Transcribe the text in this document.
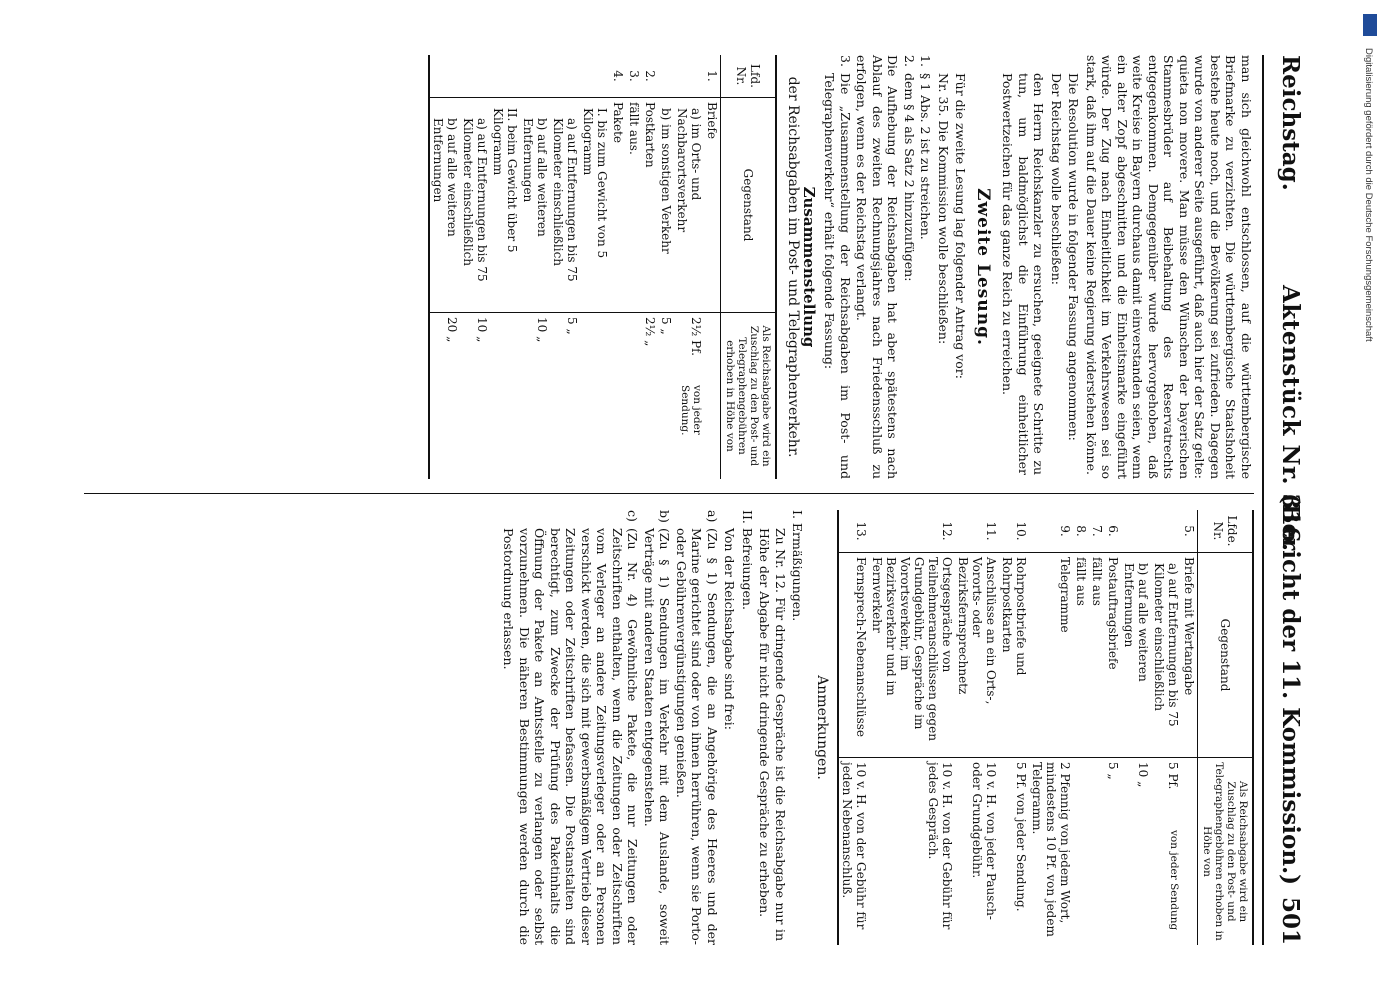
Reichstag.
Aktenstück Nr. 316.
(Bericht der 11. Kommission.)
501

man sich gleichwohl entschlossen, auf die württembergische Briefmarke zu verzichten. Die württembergische Staatshoheit bestehe heute noch, und die Bevölkerung sei zufrieden. Dagegen wurde von anderer Seite ausgeführt, daß auch hier der Satz gelte: quieta non movere. Man müsse den Wünschen der bayerischen Stammesbrüder auf Beibehaltung des Reservatrechts entgegenkommen. Demgegenüber wurde hervorgehoben, daß weite Kreise in Bayern durchaus damit einverstanden seien, wenn ein alter Zopf abgeschnitten und die Einheitsmarke eingeführt würde. Der Zug nach Einheitlichkeit im Verkehrswesen sei so stark, daß ihm auf die Dauer keine Regierung widerstehen könne.

Die Resolution wurde in folgender Fassung angenommen:

Der Reichstag wolle beschließen:

den Herrn Reichskanzler zu ersuchen, geeignete Schritte zu tun, um baldmöglichst die Einführung einheitlicher Postwertzeichen für das ganze Reich zu erreichen.

Zweite Lesung.

Für die zweite Lesung lag folgender Antrag vor:

Nr. 35. Die Kommission wolle beschließen:

1.
§ 1 Abs. 2 ist zu streichen.
2.
dem § 4 als Satz 2 hinzuzufügen:
Die Aufhebung der Reichsabgaben hat aber spätestens nach Ablauf des zweiten Rechnungsjahres nach Friedensschluß zu erfolgen, wenn es der Reichstag verlangt.
3.
Die „Zusammenstellung der Reichsabgaben im Post- und Telegraphenverkehr“ erhält folgende Fassung:
Zusammenstellung
der Reichsabgaben im Post- und Telegraphenverkehr.
Lfd. Nr.	Gegenstand	Als Reichsabgabe wird ein Zuschlag zu den Post- und Telegraphengebühren erhoben in Höhe von	
1.	Briefe		
	a) im Orts- und Nachbarortsverkehr	2½ Pf.	von jeder Sendung.
	b) im sonstigen Verkehr	5 „	
2.	Postkarten	2½ „	
3.	fällt aus.		
4.	Pakete		
	I. bis zum Gewicht von 5 Kilogramm		
	a) auf Entfernungen bis 75 Kilometer einschließlich	5 „	
	b) auf alle weiteren Entfernungen	10 „	
	II. beim Gewicht über 5 Kilogramm		
	a) auf Entfernungen bis 75 Kilometer einschließlich	10 „	
	b) auf alle weiteren Entfernungen	20 „	
Lfde. Nr.	Gegenstand	Als Reichsabgabe wird ein Zuschlag zu den Post- und Telegraphengebühren erhoben in Höhe von	
5.	Briefe mit Wertangabe		
	a) auf Entfernungen bis 75 Kilometer einschließlich	5 Pf.	von jeder Sendung
	b) auf alle weiteren Entfernungen	10 „	
6.	Postauftragsbriefe	5 „	
7.	fällt aus		
8.	fällt aus		
9.	Telegramme	2 Pfennig von jedem Wort, mindestens 10 Pf. von jedem Telegramm.	
10.	Rohrpostbriefe und Rohrpostkarten	5 Pf. von jeder Sendung.	
11.	Anschlüsse an ein Orts-, Vororts- oder Bezirksfernsprechnetz	10 v. H. von jeder Pausch- oder Grundgebühr.	
12.	Ortsgespräche von Teilnehmeranschlüssen gegen Grundgebühr, Gespräche im Vorortsverkehr, im Bezirksverkehr und im Fernverkehr	10 v. H. von der Gebühr für jedes Gespräch.	
13.	Fernsprech-Nebenanschlüsse	10 v. H. von der Gebühr für jeden Nebenanschluß.	
Anmerkungen.

I. Ermäßigungen.

Zu Nr. 12. Für dringende Gespräche ist die Reichsabgabe nur in Höhe der Abgabe für nicht dringende Gespräche zu erheben.

II. Befreiungen.

Von der Reichsabgabe sind frei:

a)
(Zu § 1) Sendungen, die an Angehörige des Heeres und der Marine gerichtet sind oder von ihnen herrühren, wenn sie Porto- oder Gebührenvergünstigungen genießen.
b)
(Zu § 1) Sendungen im Verkehr mit dem Auslande, soweit Verträge mit anderen Staaten entgegenstehen.
c)
(Zu Nr. 4) Gewöhnliche Pakete, die nur Zeitungen oder Zeitschriften enthalten, wenn die Zeitungen oder Zeitschriften vom Verleger an andere Zeitungsverleger oder an Personen verschickt werden, die sich mit gewerbsmäßigem Vertrieb dieser Zeitungen oder Zeitschriften befassen. Die Postanstalten sind berechtigt, zum Zwecke der Prüfung des Paketinhalts die Öffnung der Pakete an Amtsstelle zu verlangen oder selbst vorzunehmen. Die näheren Bestimmungen werden durch die Postordnung erlassen.
Digitalisierung gefördert durch die Deutsche Forschungsgemeinschaft
